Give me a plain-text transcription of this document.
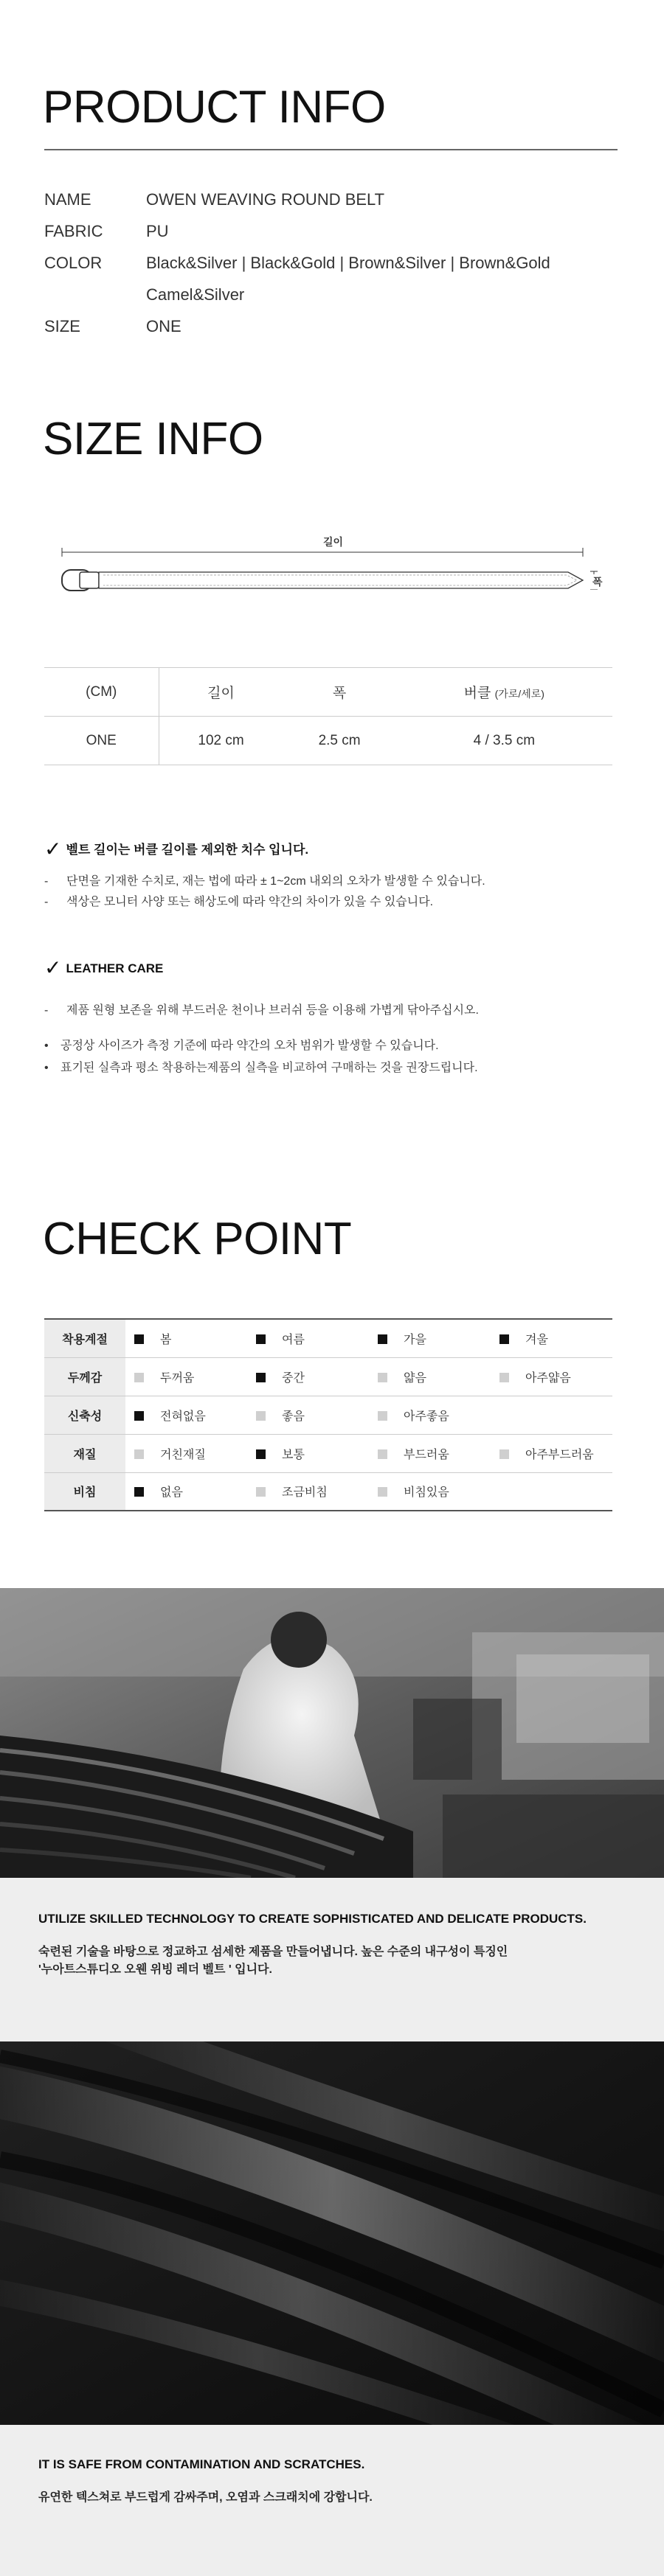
PRODUCT INFO
NAME	OWEN WEAVING ROUND BELT
FABRIC	PU
COLOR	Black&Silver | Black&Gold | Brown&Silver | Brown&Gold
Camel&Silver
SIZE	ONE
SIZE INFO
길이
폭
(CM)	길이	폭	버클 (가로/세로)
ONE	102 cm	2.5 cm	4 / 3.5 cm
✓ 벨트 길이는 버클 길이를 제외한 치수 입니다.
- 단면을 기재한 수치로, 재는 법에 따라 ± 1~2cm 내외의 오차가 발생할 수 있습니다.
- 색상은 모니터 사양 또는 해상도에 따라 약간의 차이가 있을 수 있습니다.
✓ LEATHER CARE
- 제품 원형 보존을 위해 부드러운 천이나 브러쉬 등을 이용해 가볍게 닦아주십시오.
• 공정상 사이즈가 측정 기준에 따라 약간의 오차 범위가 발생할 수 있습니다.
• 표기된 실측과 평소 착용하는제품의 실측을 비교하여 구매하는 것을 권장드립니다.
CHECK POINT
착용계절	봄	여름	가을	겨울
두께감	두꺼움	중간	얇음	아주얇음
신축성	전혀없음	좋음	아주좋음	
재질	거친재질	보통	부드러움	아주부드러움
비침	없음	조금비침	비침있음	
UTILIZE SKILLED TECHNOLOGY TO CREATE SOPHISTICATED AND DELICATE PRODUCTS.
숙련된 기술을 바탕으로 정교하고 섬세한 제품을 만들어냅니다. 높은 수준의 내구성이 특징인
'누아트스튜디오 오웬 위빙 레더 벨트 ' 입니다.
IT IS SAFE FROM CONTAMINATION AND SCRATCHES.
유연한 텍스쳐로 부드럽게 감싸주며, 오염과 스크래치에 강합니다.
